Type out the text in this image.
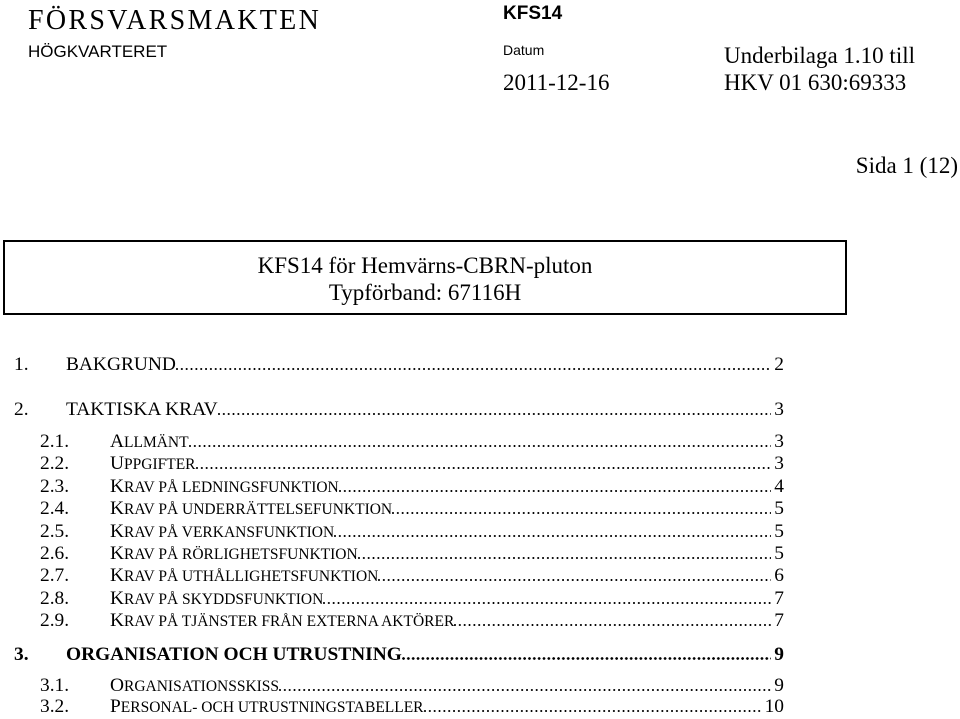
FÖRSVARSMAKTEN
HÖGKVARTERET
KFS14
Datum	Underbilaga 1.10 till
2011-12-16	HKV 01 630:69333
Sida 1 (12)
KFS14 för Hemvärns-CBRN-pluton
Typförband: 67116H
1.	BAKGRUND	2
2.	TAKTISKA KRAV	3
2.1.	ALLMÄNT	3
2.2.	UPPGIFTER	3
2.3.	KRAV PÅ LEDNINGSFUNKTION	4
2.4.	KRAV PÅ UNDERRÄTTELSEFUNKTION	5
2.5.	KRAV PÅ VERKANSFUNKTION	5
2.6.	KRAV PÅ RÖRLIGHETSFUNKTION	5
2.7.	KRAV PÅ UTHÅLLIGHETSFUNKTION	6
2.8.	KRAV PÅ SKYDDSFUNKTION	7
2.9.	KRAV PÅ TJÄNSTER FRÅN EXTERNA AKTÖRER	7
3.	ORGANISATION OCH UTRUSTNING	9
3.1.	ORGANISATIONSSKISS	9
3.2.	PERSONAL- OCH UTRUSTNINGSTABELLER	10
